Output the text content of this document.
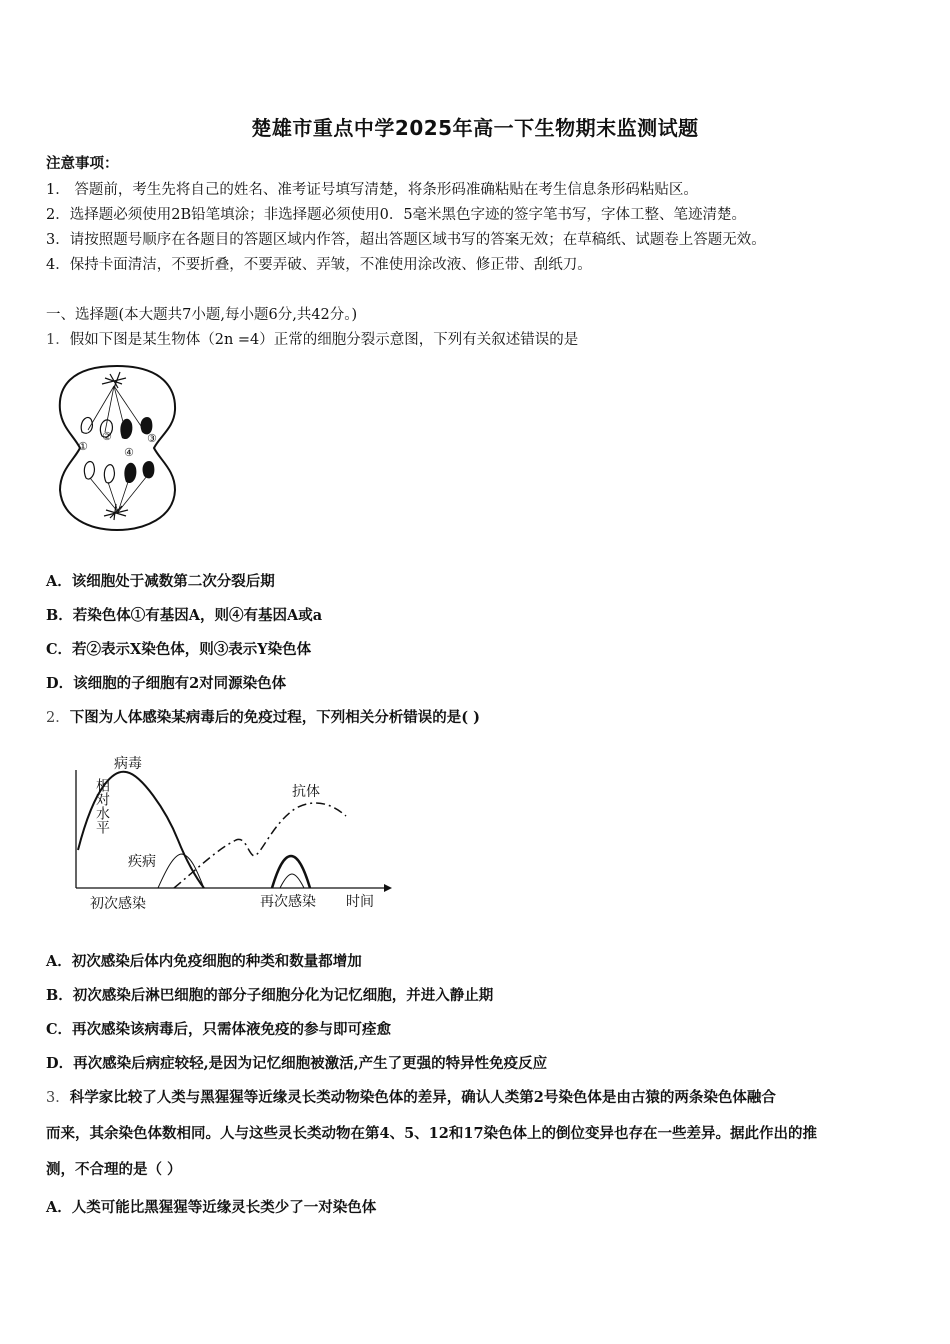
楚雄市重点中学2025年高一下生物期末监测试题
注意事项：
1． 答题前，考生先将自己的姓名、准考证号填写清楚，将条形码准确粘贴在考生信息条形码粘贴区。
2．选择题必须使用2B铅笔填涂；非选择题必须使用0．5毫米黑色字迹的签字笔书写，字体工整、笔迹清楚。
3．请按照题号顺序在各题目的答题区域内作答，超出答题区域书写的答案无效；在草稿纸、试题卷上答题无效。
4．保持卡面清洁，不要折叠，不要弄破、弄皱，不准使用涂改液、修正带、刮纸刀。
一、选择题(本大题共7小题,每小题6分,共42分。)
1．假如下图是某生物体（2n =4）正常的细胞分裂示意图，下列有关叙述错误的是
①
②	③
④
A．该细胞处于减数第二次分裂后期
B．若染色体①有基因A，则④有基因A或a
C．若②表示X染色体，则③表示Y染色体
D．该细胞的子细胞有2对同源染色体
2．下图为人体感染某病毒后的免疫过程，下列相关分析错误的是( )
相对水平
时间
病毒
疾病
抗体
初次感染	再次感染
A．初次感染后体内免疫细胞的种类和数量都增加
B．初次感染后淋巴细胞的部分子细胞分化为记忆细胞，并进入静止期
C．再次感染该病毒后，只需体液免疫的参与即可痊愈
D．再次感染后病症较轻,是因为记忆细胞被激活,产生了更强的特异性免疫反应
3．科学家比较了人类与黑猩猩等近缘灵长类动物染色体的差异，确认人类第2号染色体是由古猿的两条染色体融合
而来，其余染色体数相同。人与这些灵长类动物在第4、5、12和17染色体上的倒位变异也存在一些差异。据此作出的推
测，不合理的是（ ）
A．人类可能比黑猩猩等近缘灵长类少了一对染色体
